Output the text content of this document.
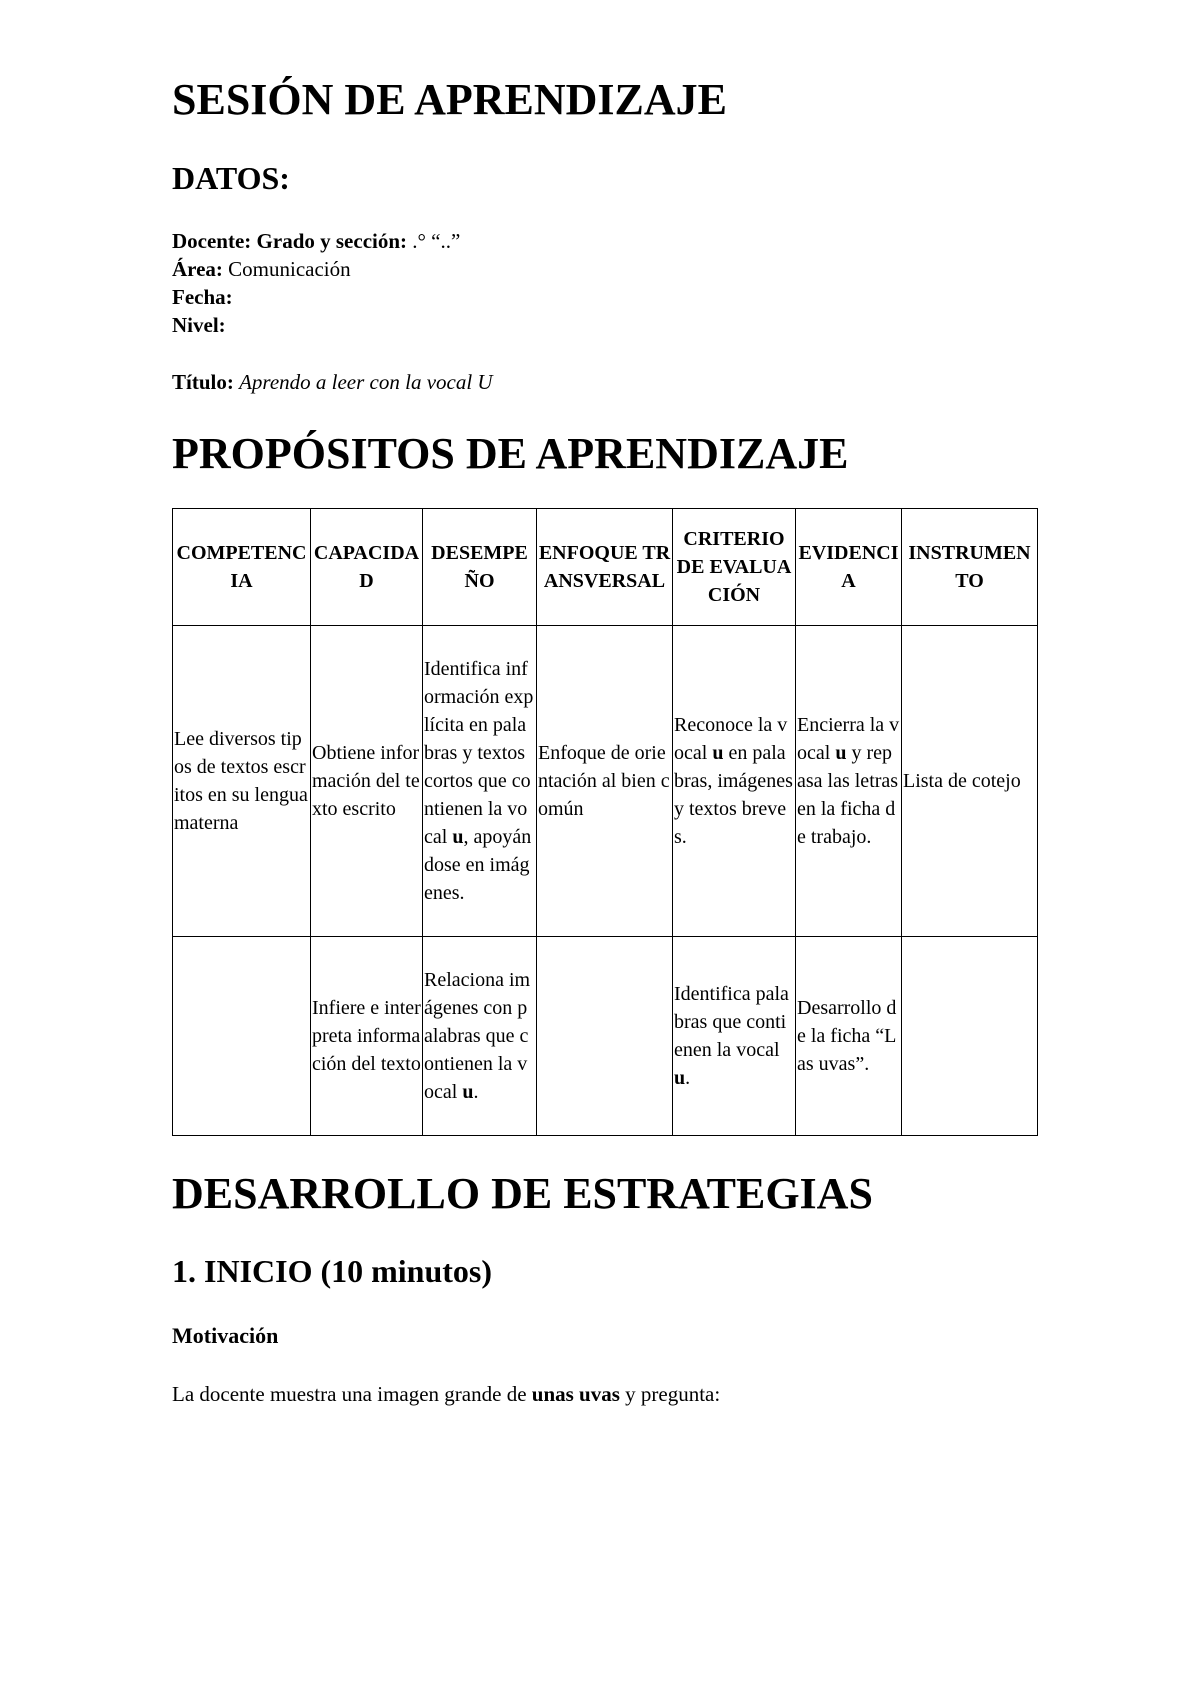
SESIÓN DE APRENDIZAJE
DATOS:
Docente: Grado y sección: .° “..”
Área: Comunicación
Fecha:
Nivel:
Título: Aprendo a leer con la vocal U
PROPÓSITOS DE APRENDIZAJE
COMPETENCIA	CAPACIDAD	DESEMPEÑO	ENFOQUE TRANSVERSAL	CRITERIO DE EVALUACIÓN	EVIDENCIA	INSTRUMENTO
Lee diversos tipos de textos escritos en su lengua materna	Obtiene información del texto escrito	Identifica información explícita en palabras y textos cortos que contienen la vocal u, apoyándose en imágenes.	Enfoque de orientación al bien común	Reconoce la vocal u en palabras, imágenes y textos breves.	Encierra la vocal u y repasa las letras en la ficha de trabajo.	Lista de cotejo
	Infiere e interpreta información del texto	Relaciona imágenes con palabras que contienen la vocal u.		Identifica palabras que contienen la vocal u.	Desarrollo de la ficha “Las uvas”.	
DESARROLLO DE ESTRATEGIAS
1. INICIO (10 minutos)
Motivación
La docente muestra una imagen grande de unas uvas y pregunta:
